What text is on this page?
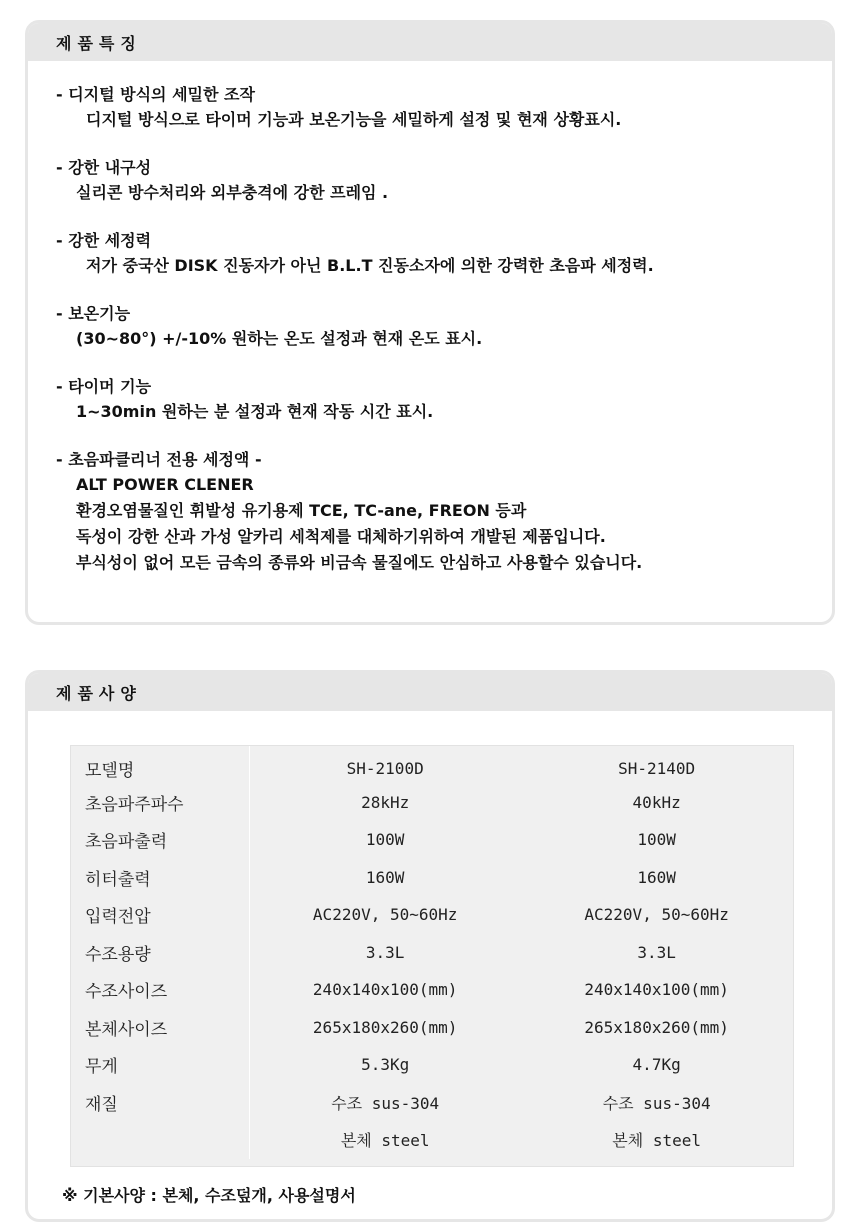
제품특징
- 디지털 방식의 세밀한 조작
디지털 방식으로 타이머 기능과 보온기능을 세밀하게 설정 및 현재 상황표시.
- 강한 내구성
실리콘 방수처리와 외부충격에 강한 프레임 .
- 강한 세정력
저가 중국산 DISK 진동자가 아닌 B.L.T 진동소자에 의한 강력한 초음파 세정력.
- 보온기능
(30~80°) +/-10% 원하는 온도 설정과 현재 온도 표시.
- 타이머 기능
1~30min 원하는 분 설정과 현재 작동 시간 표시.
- 초음파클리너 전용 세정액 -
ALT POWER CLENER
환경오염물질인 휘발성 유기용제 TCE, TC-ane, FREON 등과
독성이 강한 산과 가성 알카리 세척제를 대체하기위하여 개발된 제품입니다.
부식성이 없어 모든 금속의 종류와 비금속 물질에도 안심하고 사용할수 있습니다.
제품사양
모델명	SH-2100D	SH-2140D
초음파주파수	28kHz	40kHz
초음파출력	100W	100W
히터출력	160W	160W
입력전압	AC220V, 50~60Hz	AC220V, 50~60Hz
수조용량	3.3L	3.3L
수조사이즈	240x140x100(mm)	240x140x100(mm)
본체사이즈	265x180x260(mm)	265x180x260(mm)
무게	5.3Kg	4.7Kg
재질	수조 sus-304	수조 sus-304
	본체 steel	본체 steel
※ 기본사양 : 본체, 수조덮개, 사용설명서
